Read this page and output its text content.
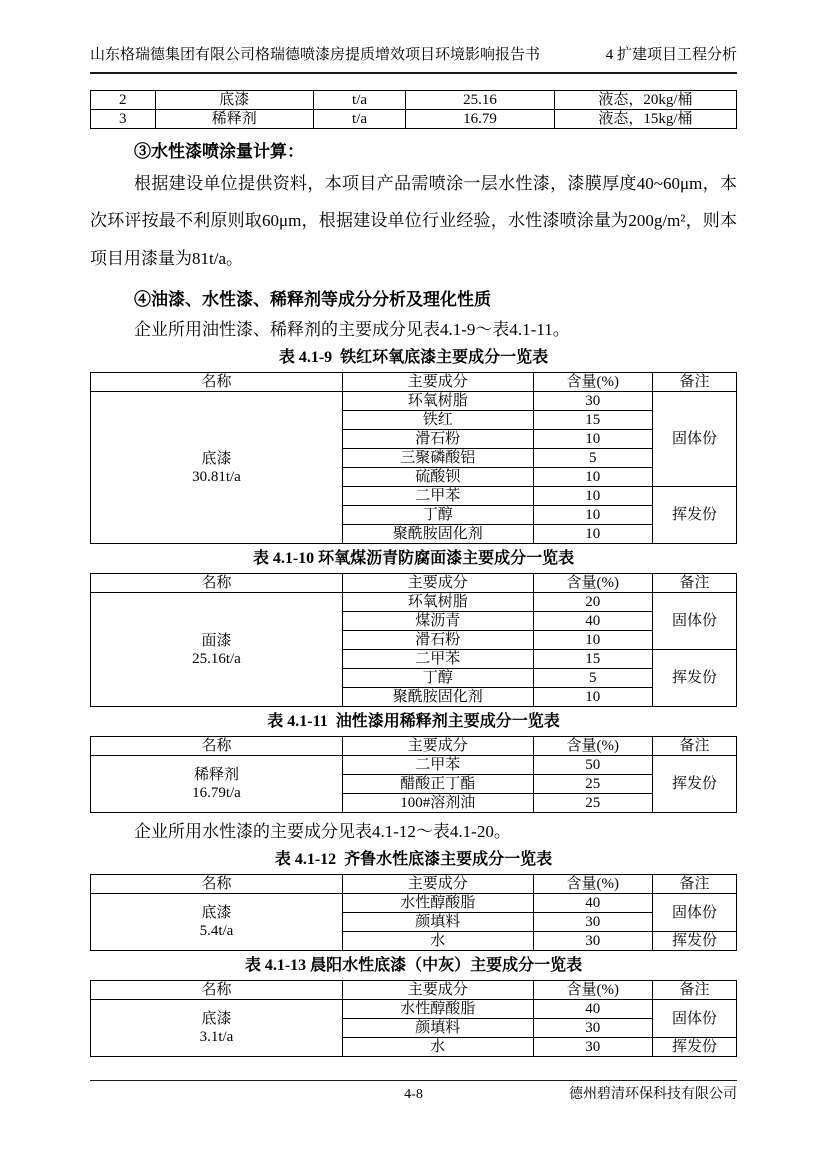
山东格瑞德集团有限公司格瑞德喷漆房提质增效项目环境影响报告书	4 扩建项目工程分析
2	底漆	t/a	25.16	液态，20kg/桶
3	稀释剂	t/a	16.79	液态，15kg/桶
③水性漆喷涂量计算：

根据建设单位提供资料，本项目产品需喷涂一层水性漆，漆膜厚度40~60μm，本次环评按最不利原则取60μm，根据建设单位行业经验，水性漆喷涂量为200g/m²，则本项目用漆量为81t/a。

④油漆、水性漆、稀释剂等成分分析及理化性质

企业所用油性漆、稀释剂的主要成分见表4.1-9～表4.1-11。

表 4.1-9  铁红环氧底漆主要成分一览表
名称	主要成分	含量(%)	备注

底漆
30.81t/a	环氧树脂	30	固体份
	铁红	15	
	滑石粉	10	
	三聚磷酸铝	5	
	硫酸钡	10	
	二甲苯	10	挥发份
	丁醇	10	
	聚酰胺固化剂	10	
表 4.1-10 环氧煤沥青防腐面漆主要成分一览表
名称	主要成分	含量(%)	备注

面漆
25.16t/a	环氧树脂	20	固体份
	煤沥青	40	
	滑石粉	10	
	二甲苯	15	挥发份
	丁醇	5	
	聚酰胺固化剂	10	
表 4.1-11  油性漆用稀释剂主要成分一览表
名称	主要成分	含量(%)	备注

稀释剂
16.79t/a	二甲苯	50	挥发份
	醋酸正丁酯	25	
	100#溶剂油	25	

企业所用水性漆的主要成分见表4.1-12～表4.1-20。

表 4.1-12  齐鲁水性底漆主要成分一览表
名称	主要成分	含量(%)	备注

底漆
5.4t/a	水性醇酸脂	40	固体份
	颜填料	30	
	水	30	挥发份
表 4.1-13 晨阳水性底漆（中灰）主要成分一览表
名称	主要成分	含量(%)	备注

底漆
3.1t/a	水性醇酸脂	40	固体份
	颜填料	30	
	水	30	挥发份
4-8	德州碧清环保科技有限公司
